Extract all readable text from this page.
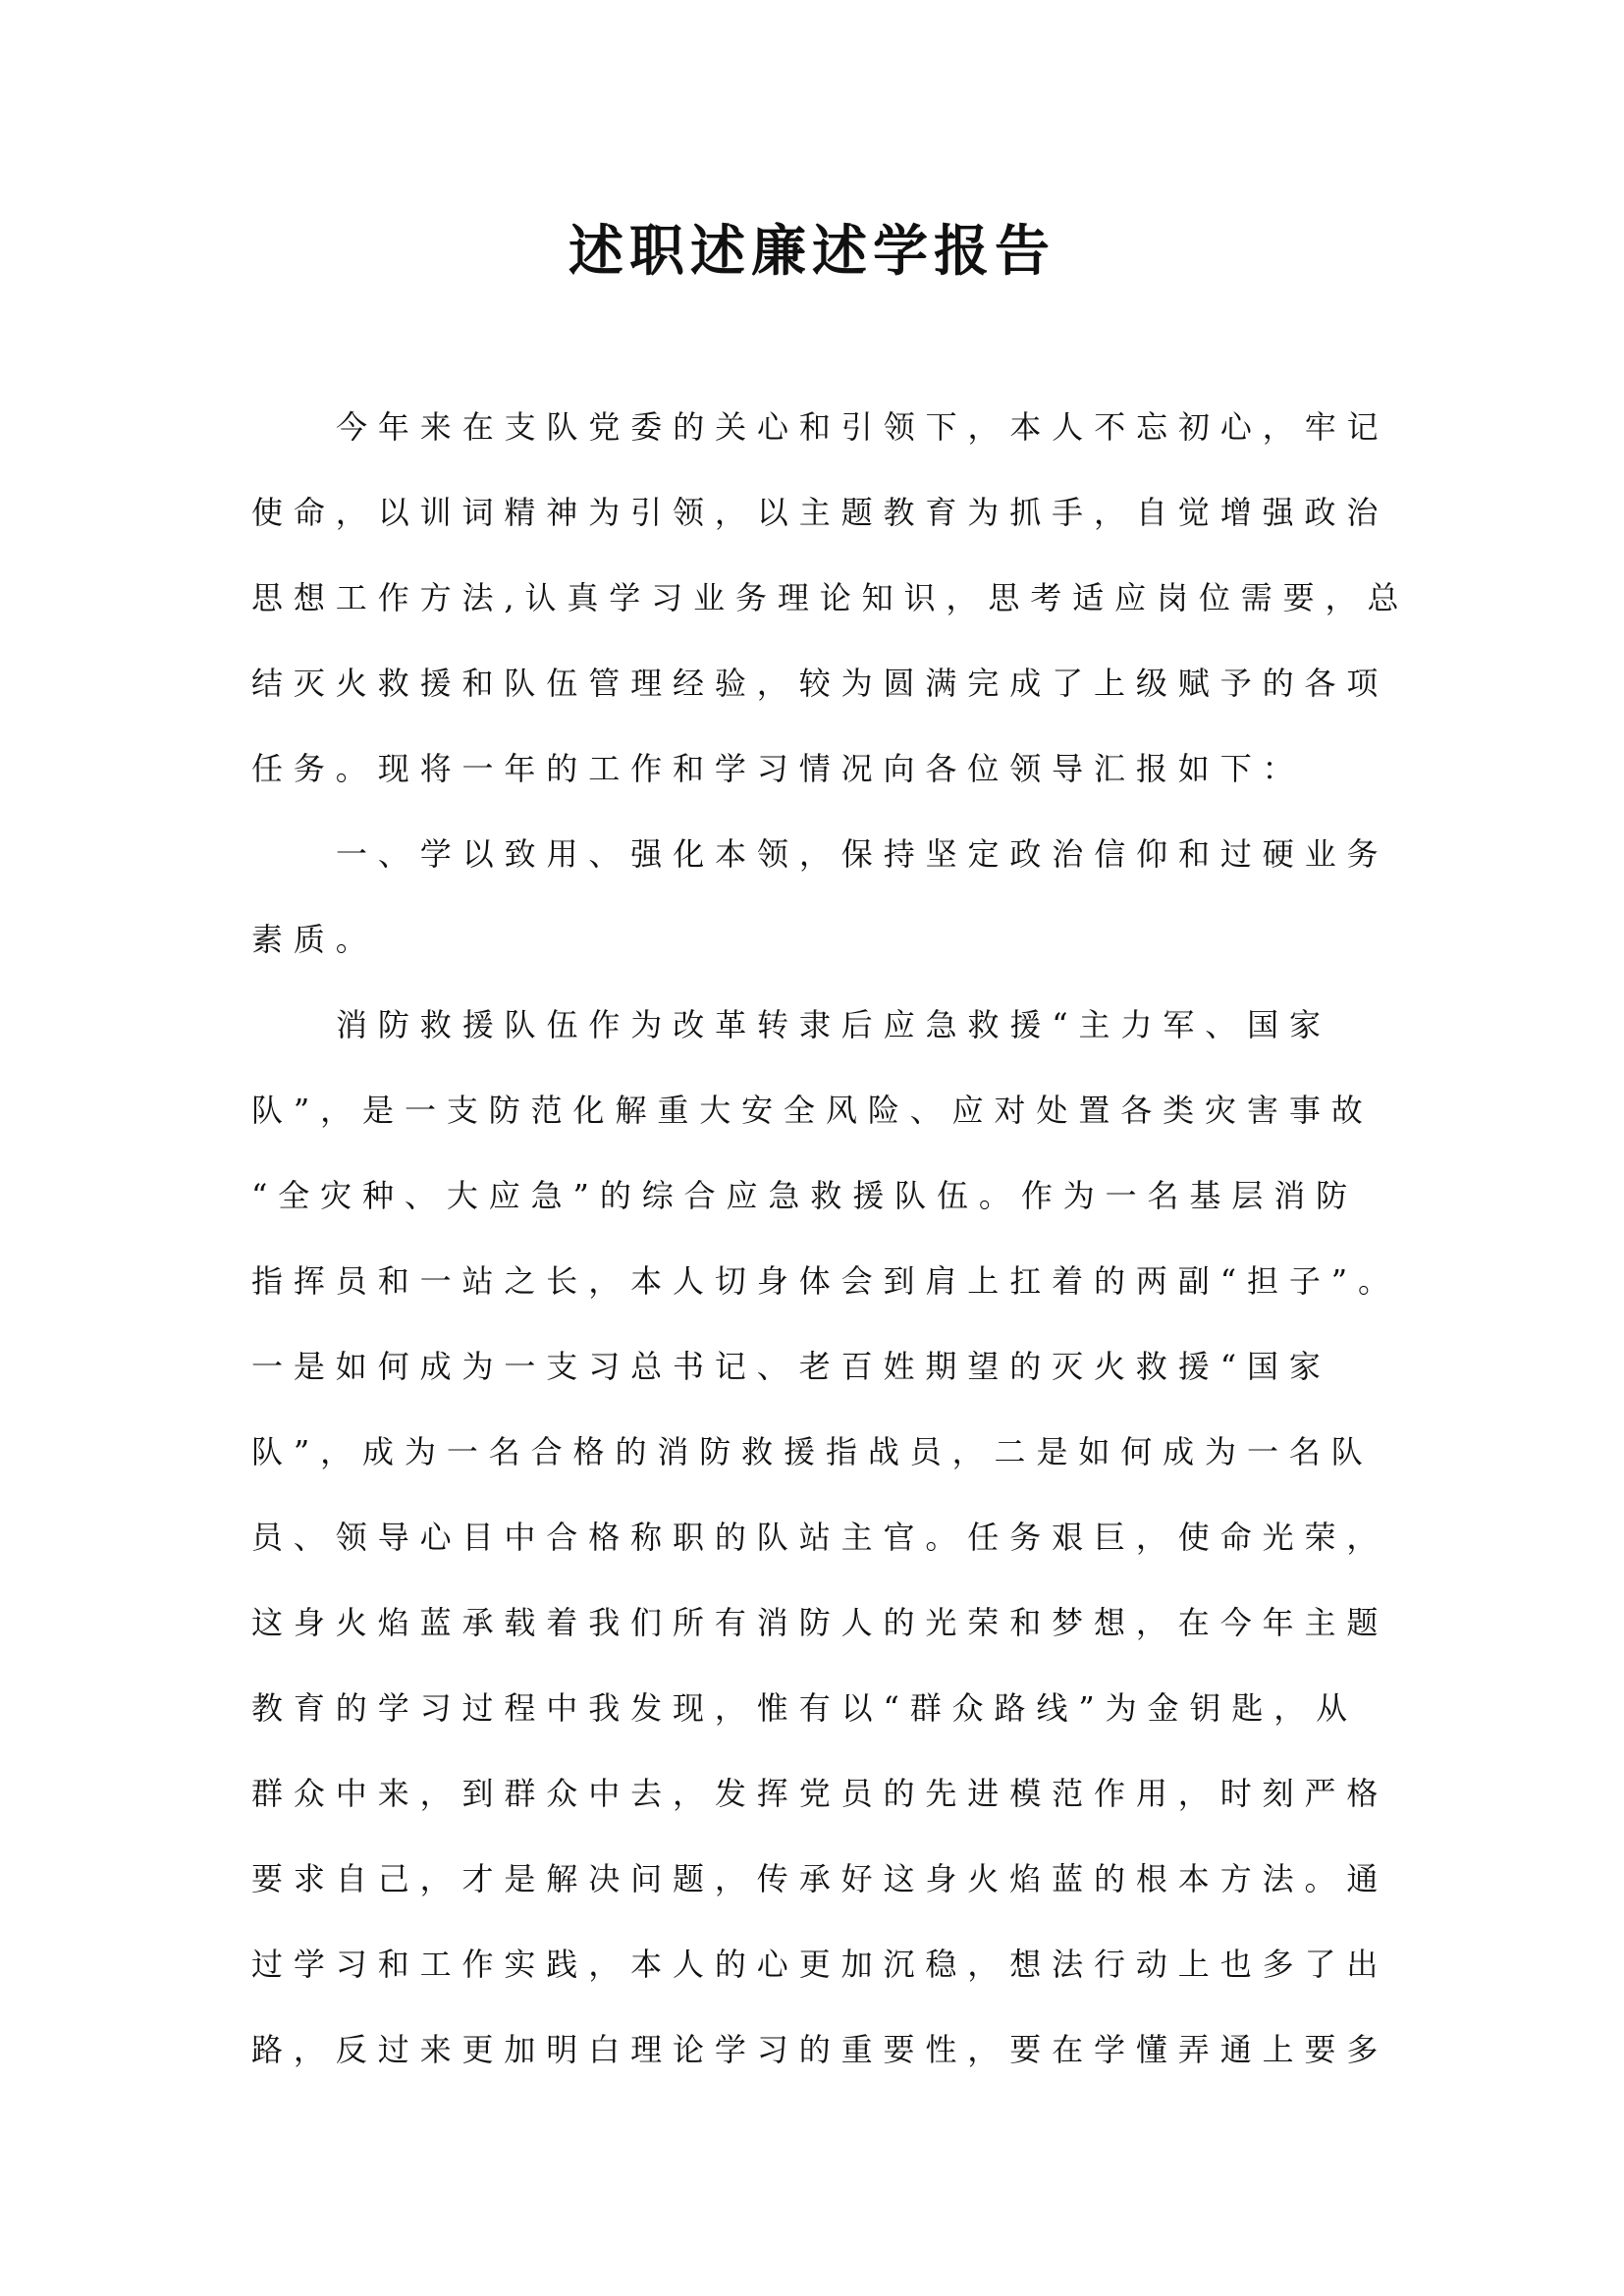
述职述廉述学报告
今年来在支队党委的关心和引领下，本人不忘初心，牢记
使命，以训词精神为引领，以主题教育为抓手，自觉增强政治
思想工作方法,认真学习业务理论知识，思考适应岗位需要，总
结灭火救援和队伍管理经验，较为圆满完成了上级赋予的各项
任务。现将一年的工作和学习情况向各位领导汇报如下：
一、学以致用、强化本领，保持坚定政治信仰和过硬业务
素质。
消防救援队伍作为改革转隶后应急救援“主力军、国家
队”，是一支防范化解重大安全风险、应对处置各类灾害事故
“全灾种、大应急”的综合应急救援队伍。作为一名基层消防
指挥员和一站之长，本人切身体会到肩上扛着的两副“担子”。
一是如何成为一支习总书记、老百姓期望的灭火救援“国家
队”，成为一名合格的消防救援指战员，二是如何成为一名队
员、领导心目中合格称职的队站主官。任务艰巨，使命光荣，
这身火焰蓝承载着我们所有消防人的光荣和梦想，在今年主题
教育的学习过程中我发现，惟有以“群众路线”为金钥匙，从
群众中来，到群众中去，发挥党员的先进模范作用，时刻严格
要求自己，才是解决问题，传承好这身火焰蓝的根本方法。通
过学习和工作实践，本人的心更加沉稳，想法行动上也多了出
路，反过来更加明白理论学习的重要性，要在学懂弄通上要多
